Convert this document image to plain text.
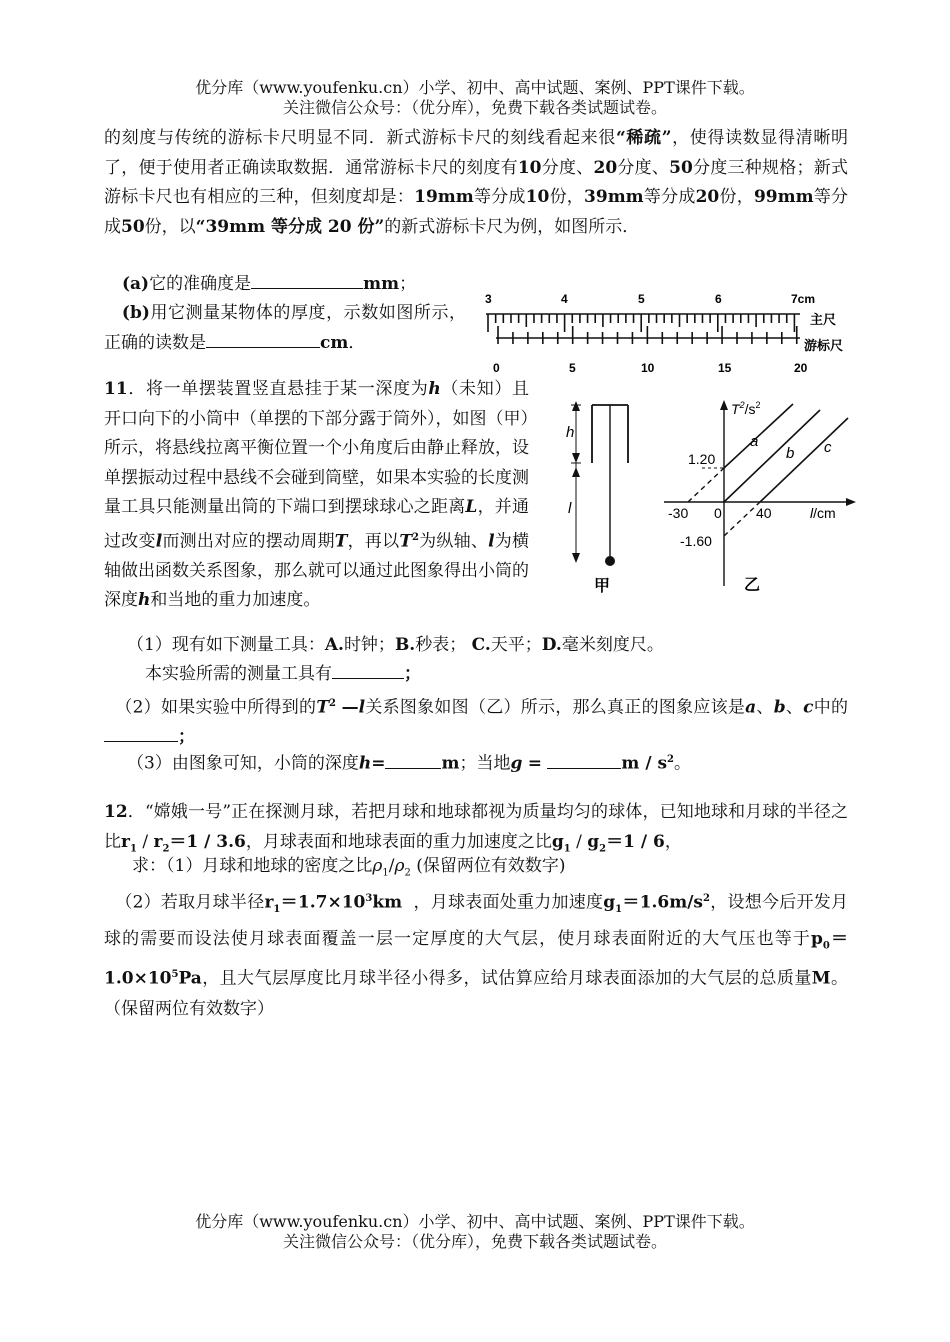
优分库（www.youfenku.cn）小学、初中、高中试题、案例、PPT课件下载。
关注微信公众号：（优分库），免费下载各类试题试卷。
的刻度与传统的游标卡尺明显不同．新式游标卡尺的刻线看起来很“稀疏”，使得读数显得清晰明了，便于使用者正确读取数据．通常游标卡尺的刻度有10分度、20分度、50分度三种规格；新式游标卡尺也有相应的三种，但刻度却是：19mm等分成10份，39mm等分成20份，99mm等分成50份，以“39mm 等分成 20 份”的新式游标卡尺为例，如图所示．
(a)它的准确度是	mm；
(b)用它测量某物体的厚度，示数如图所示，正确的读数是	cm．
3	4	5	6	7cm
0	5	10	15	20
主尺
游标尺
11．将一单摆装置竖直悬挂于某一深度为h（未知）且开口向下的小筒中（单摆的下部分露于筒外），如图（甲）所示，将悬线拉离平衡位置一个小角度后由静止释放，设单摆振动过程中悬线不会碰到筒壁，如果本实验的长度测量工具只能测量出筒的下端口到摆球球心之距离L，并通过改变l而测出对应的摆动周期T，再以$T^2$为纵轴、l为横轴做出函数关系图象，那么就可以通过此图象得出小筒的深度h和当地的重力加速度。
h
l
甲
$T^2/s^2$
a
b c
1.20
-1.60
-30 0 40	l/cm
乙
（1）现有如下测量工具：A.时钟；B.秒表； C.天平；D.毫米刻度尺。
本实验所需的测量工具有	；
（2）如果实验中所得到的$T^2$ —l关系图象如图（乙）所示，那么真正的图象应该是a、b、c中的；
（3）由图象可知，小筒的深度h=	m；当地g =	m / $s^2$。
12．“嫦娥一号”正在探测月球，若把月球和地球都视为质量均匀的球体，已知地球和月球的半径之比$r_1 / r_2=1 / 3.6$，月球表面和地球表面的重力加速度之比$g_1 / g_2=1 / 6$，
求：（1）月球和地球的密度之比$\rho_1/\rho_2$ (保留两位有效数字)
（2）若取月球半径$r_1=1.7\times 10^3km$ ，月球表面处重力加速度$g_1=1.6m/s^2$，设想今后开发月球的需要而设法使月球表面覆盖一层一定厚度的大气层，使月球表面附近的大气压也等于$p_0=1.0\times 10^5Pa$，且大气层厚度比月球半径小得多，试估算应给月球表面添加的大气层的总质量M。（保留两位有效数字）
优分库（www.youfenku.cn）小学、初中、高中试题、案例、PPT课件下载。
关注微信公众号：（优分库），免费下载各类试题试卷。
